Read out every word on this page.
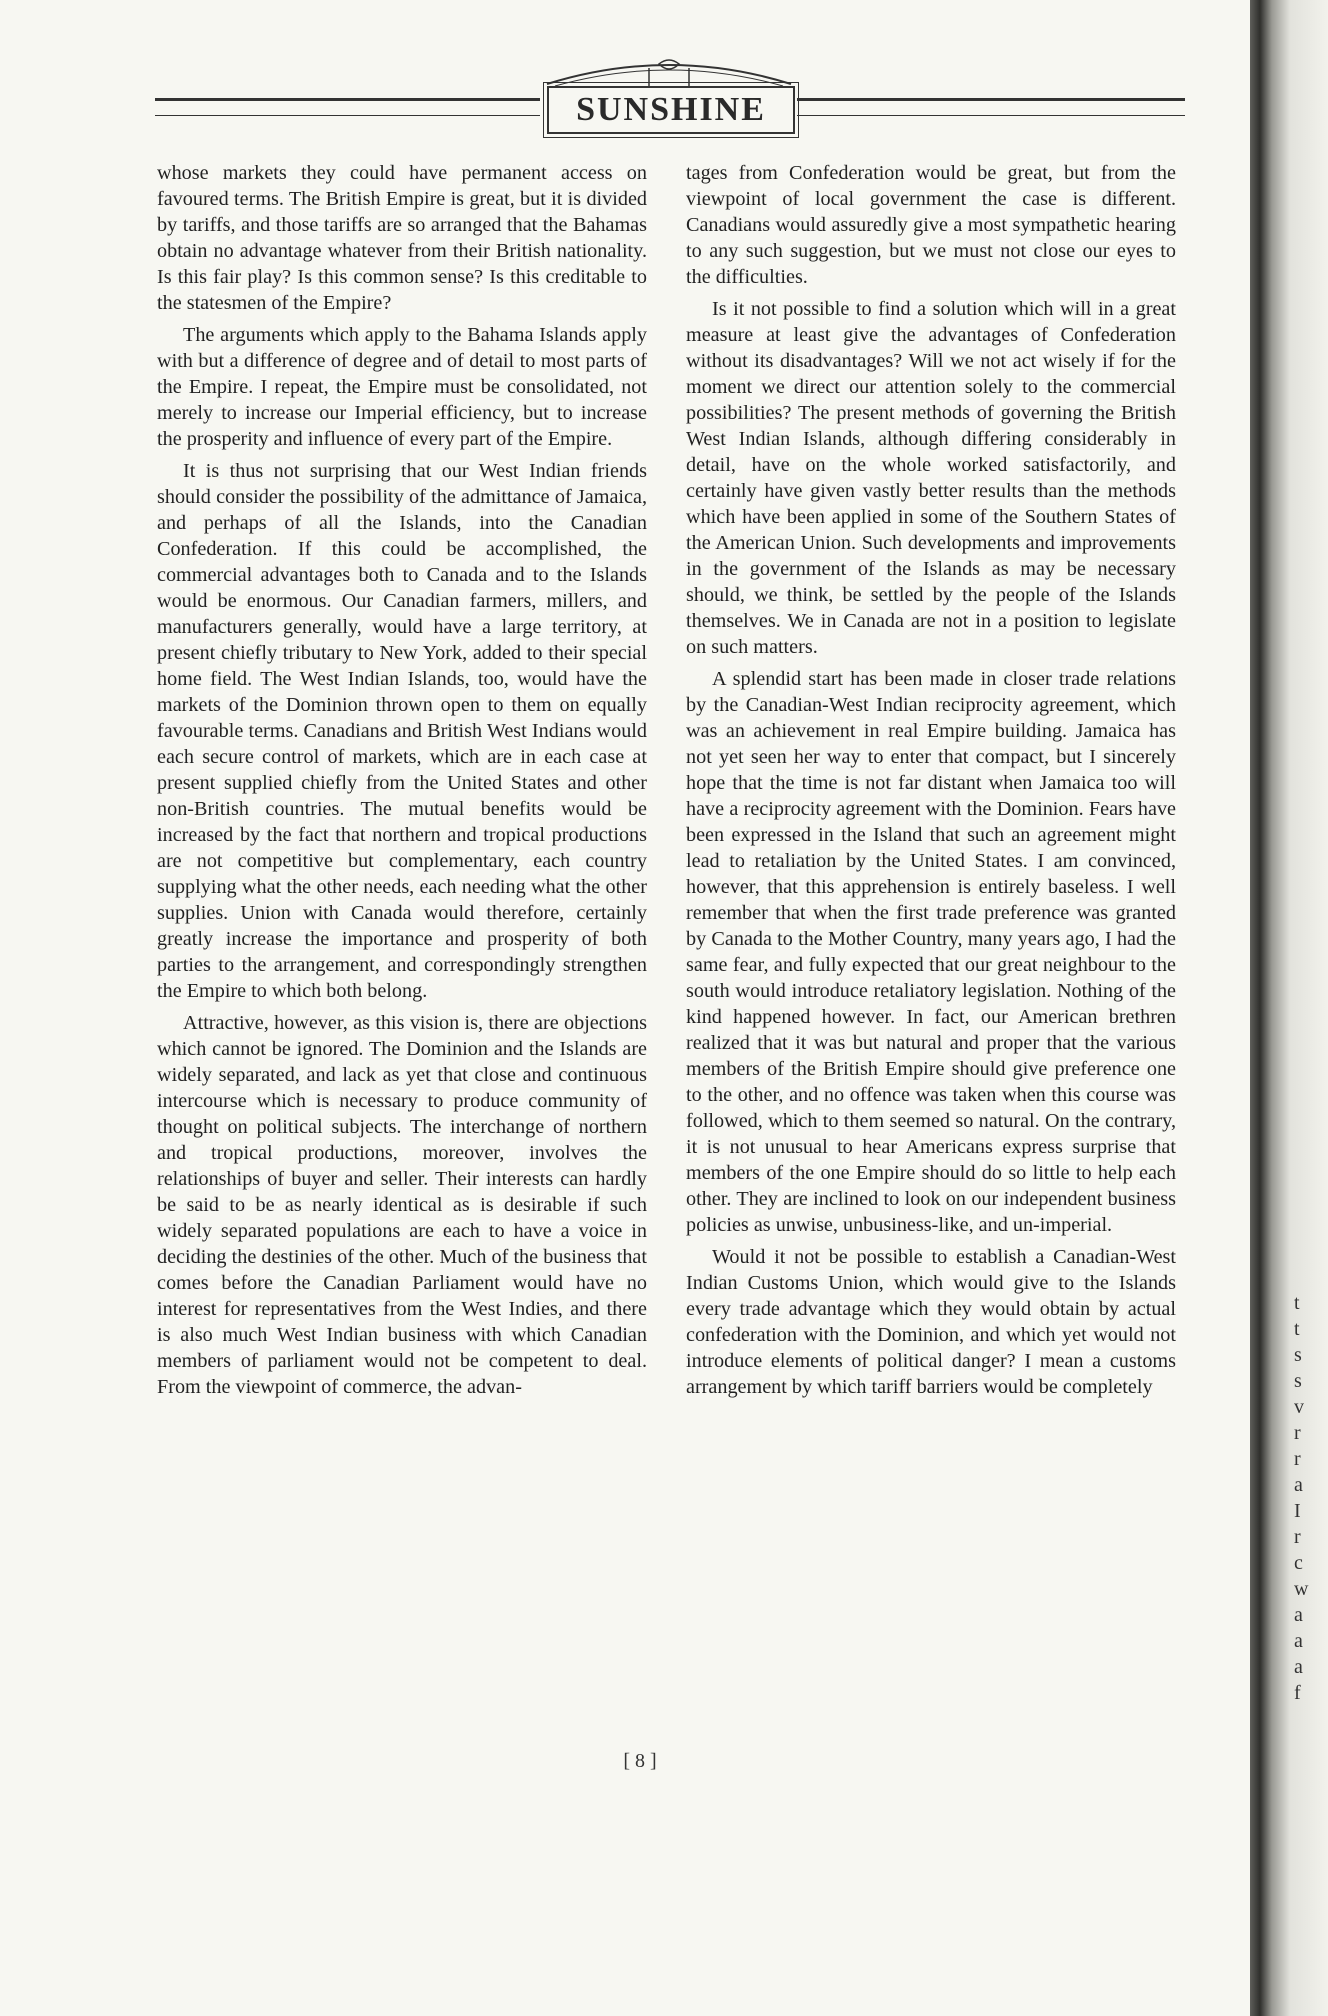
SUNSHINE

whose markets they could have permanent access on favoured terms. The British Empire is great, but it is divided by tariffs, and those tariffs are so arranged that the Bahamas obtain no advantage whatever from their British nationality. Is this fair play? Is this common sense? Is this creditable to the statesmen of the Empire?

The arguments which apply to the Bahama Islands apply with but a difference of degree and of detail to most parts of the Empire. I repeat, the Empire must be consolidated, not merely to increase our Imperial efficiency, but to increase the prosperity and influence of every part of the Empire.

It is thus not surprising that our West Indian friends should consider the possibility of the admittance of Jamaica, and perhaps of all the Islands, into the Canadian Confederation. If this could be accomplished, the commercial advantages both to Canada and to the Islands would be enormous. Our Canadian farmers, millers, and manufacturers generally, would have a large territory, at present chiefly tributary to New York, added to their special home field. The West Indian Islands, too, would have the markets of the Dominion thrown open to them on equally favourable terms. Canadians and British West Indians would each secure control of markets, which are in each case at present supplied chiefly from the United States and other non-British countries. The mutual benefits would be increased by the fact that northern and tropical productions are not competitive but complementary, each country supplying what the other needs, each needing what the other supplies. Union with Canada would therefore, certainly greatly increase the importance and prosperity of both parties to the arrangement, and correspondingly strengthen the Empire to which both belong.

Attractive, however, as this vision is, there are objections which cannot be ignored. The Dominion and the Islands are widely separated, and lack as yet that close and continuous intercourse which is necessary to produce community of thought on political subjects. The interchange of northern and tropical productions, moreover, involves the relationships of buyer and seller. Their interests can hardly be said to be as nearly identical as is desirable if such widely separated populations are each to have a voice in deciding the destinies of the other. Much of the business that comes before the Canadian Parliament would have no interest for representatives from the West Indies, and there is also much West Indian business with which Canadian members of parliament would not be competent to deal. From the viewpoint of commerce, the advan-

tages from Confederation would be great, but from the viewpoint of local government the case is different. Canadians would assuredly give a most sympathetic hearing to any such suggestion, but we must not close our eyes to the difficulties.

Is it not possible to find a solution which will in a great measure at least give the advantages of Confederation without its disadvantages? Will we not act wisely if for the moment we direct our attention solely to the commercial possibilities? The present methods of governing the British West Indian Islands, although differing considerably in detail, have on the whole worked satisfactorily, and certainly have given vastly better results than the methods which have been applied in some of the Southern States of the American Union. Such developments and improvements in the government of the Islands as may be necessary should, we think, be settled by the people of the Islands themselves. We in Canada are not in a position to legislate on such matters.

A splendid start has been made in closer trade relations by the Canadian-West Indian reciprocity agreement, which was an achievement in real Empire building. Jamaica has not yet seen her way to enter that compact, but I sincerely hope that the time is not far distant when Jamaica too will have a reciprocity agreement with the Dominion. Fears have been expressed in the Island that such an agreement might lead to retaliation by the United States. I am convinced, however, that this apprehension is entirely baseless. I well remember that when the first trade preference was granted by Canada to the Mother Country, many years ago, I had the same fear, and fully expected that our great neighbour to the south would introduce retaliatory legislation. Nothing of the kind happened however. In fact, our American brethren realized that it was but natural and proper that the various members of the British Empire should give preference one to the other, and no offence was taken when this course was followed, which to them seemed so natural. On the contrary, it is not unusual to hear Americans express surprise that members of the one Empire should do so little to help each other. They are inclined to look on our independent business policies as unwise, unbusiness-like, and un-imperial.

Would it not be possible to establish a Canadian-West Indian Customs Union, which would give to the Islands every trade advantage which they would obtain by actual confederation with the Dominion, and which yet would not introduce elements of political danger? I mean a customs arrangement by which tariff barriers would be completely

[ 8 ]
t
t
s
s
v
r
r
a
I
r
c
w
a
a
a
f
